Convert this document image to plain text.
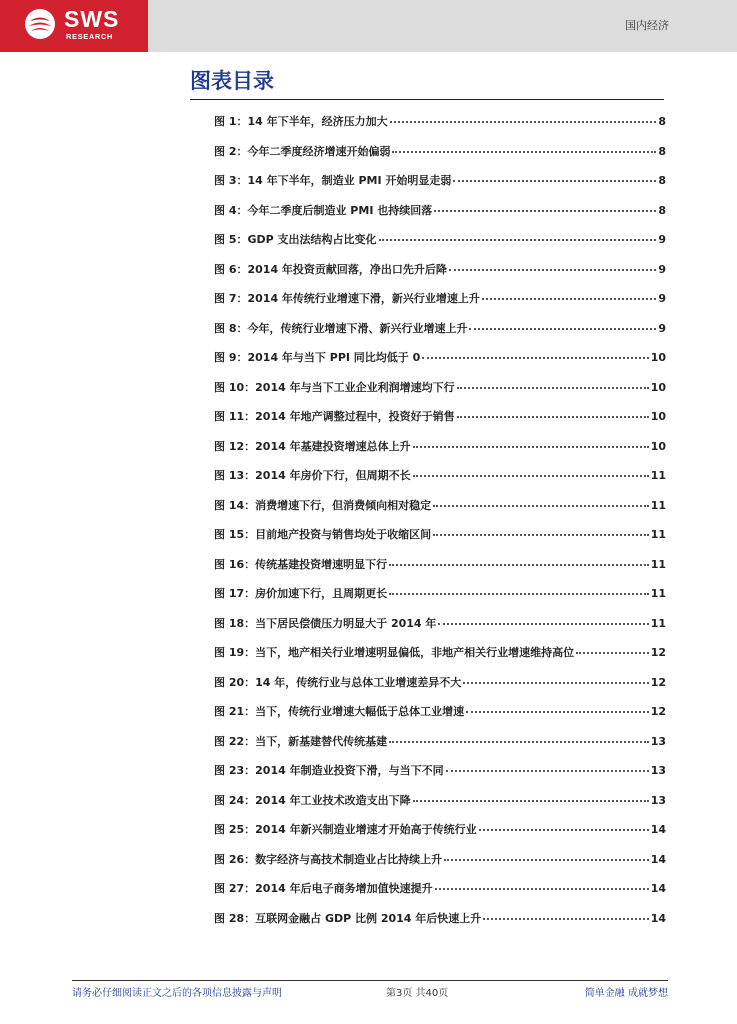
SWS
RESEARCH
国内经济
图表目录
图 1：14 年下半年，经济压力加大	8
图 2：今年二季度经济增速开始偏弱	8
图 3：14 年下半年，制造业 PMI 开始明显走弱	8
图 4：今年二季度后制造业 PMI 也持续回落	8
图 5：GDP 支出法结构占比变化	9
图 6：2014 年投资贡献回落，净出口先升后降	9
图 7：2014 年传统行业增速下滑，新兴行业增速上升	9
图 8：今年，传统行业增速下滑、新兴行业增速上升	9
图 9：2014 年与当下 PPI 同比均低于 0	10
图 10：2014 年与当下工业企业利润增速均下行	10
图 11：2014 年地产调整过程中，投资好于销售	10
图 12：2014 年基建投资增速总体上升	10
图 13：2014 年房价下行，但周期不长	11
图 14：消费增速下行，但消费倾向相对稳定	11
图 15：目前地产投资与销售均处于收缩区间	11
图 16：传统基建投资增速明显下行	11
图 17：房价加速下行，且周期更长	11
图 18：当下居民偿债压力明显大于 2014 年	11
图 19：当下，地产相关行业增速明显偏低，非地产相关行业增速维持高位	12
图 20：14 年，传统行业与总体工业增速差异不大	12
图 21：当下，传统行业增速大幅低于总体工业增速	12
图 22：当下，新基建替代传统基建	13
图 23：2014 年制造业投资下滑，与当下不同	13
图 24：2014 年工业技术改造支出下降	13
图 25：2014 年新兴制造业增速才开始高于传统行业	14
图 26：数字经济与高技术制造业占比持续上升	14
图 27：2014 年后电子商务增加值快速提升	14
图 28：互联网金融占 GDP 比例 2014 年后快速上升	14
请务必仔细阅读正文之后的各项信息披露与声明	第3页 共40页	简单金融 成就梦想
